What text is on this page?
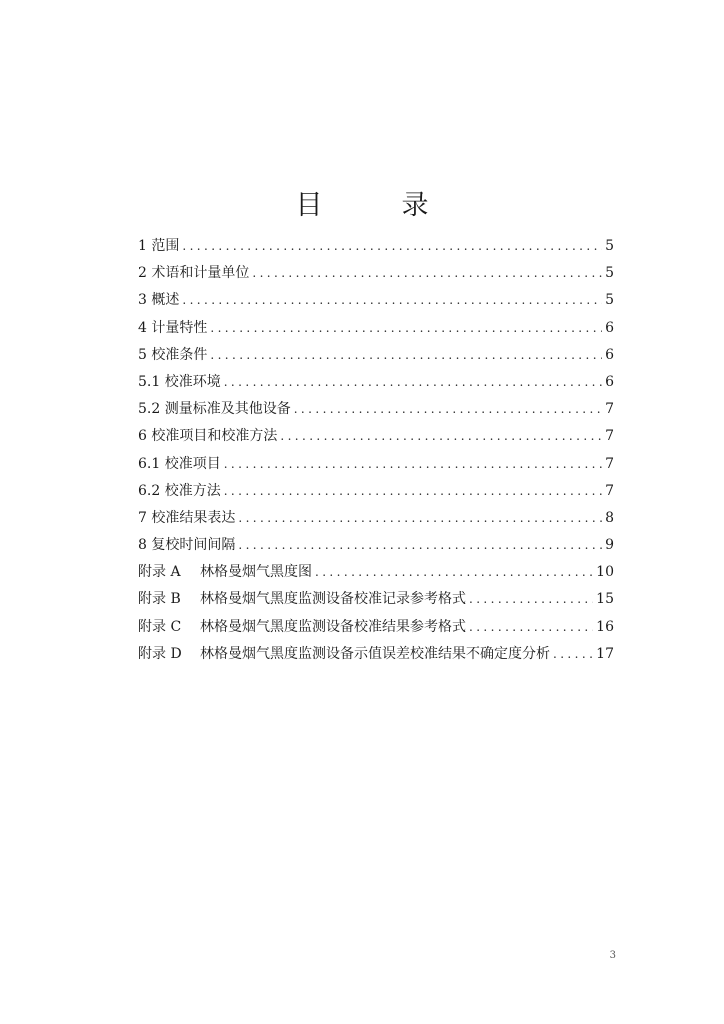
目　录
1 范围 .....	5
2 术语和计量单位 .....	5
3 概述 .....	5
4 计量特性 .....	6
5 校准条件 .....	6
5.1 校准环境 .....	6
5.2 测量标准及其他设备 .....	7
6 校准项目和校准方法 .....	7
6.1 校准项目 .....	7
6.2 校准方法 .....	7
7 校准结果表达 .....	8
8 复校时间间隔 .....	9
附录 A	林格曼烟气黑度图 .....	10
附录 B	林格曼烟气黑度监测设备校准记录参考格式 .....	15
附录 C	林格曼烟气黑度监测设备校准结果参考格式 .....	16
附录 D	林格曼烟气黑度监测设备示值误差校准结果不确定度分析 .....	17
3
